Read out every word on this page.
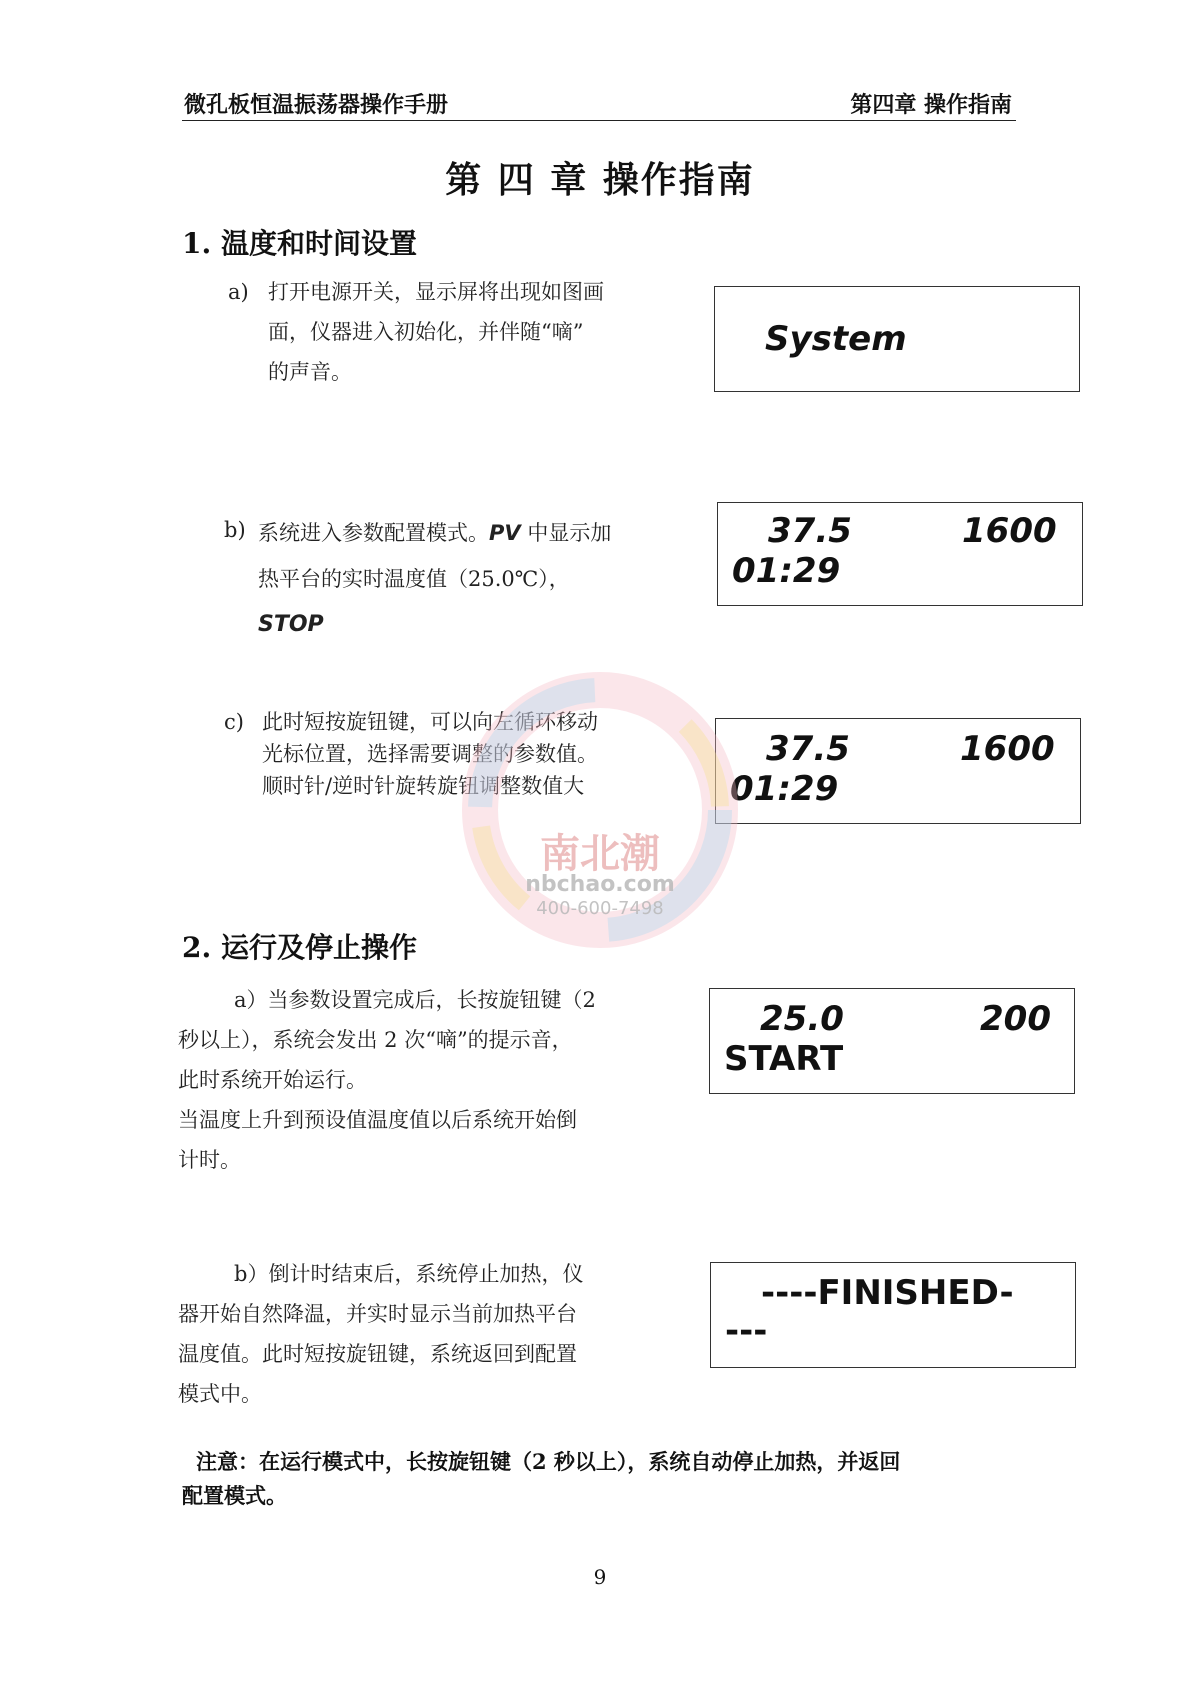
微孔板恒温振荡器操作手册	第四章 操作指南
第 四 章 操作指南
1. 温度和时间设置
a) 打开电源开关，显示屏将出现如图画
面，仪器进入初始化，并伴随“嘀”
的声音。
System
b) 系统进入参数配置模式。PV 中显示加
热平台的实时温度值（25.0℃），
STOP
37.5	1600
01:29
c) 此时短按旋钮键，可以向左循环移动
光标位置，选择需要调整的参数值。
顺时针/逆时针旋转旋钮调整数值大
37.5	1600
01:29
南北潮
nbchao.com
400-600-7498
2. 运行及停止操作
a）当参数设置完成后，长按旋钮键（2
秒以上），系统会发出 2 次“嘀”的提示音，
此时系统开始运行。
当温度上升到预设值温度值以后系统开始倒
计时。
25.0	200
START
b）倒计时结束后，系统停止加热，仪
器开始自然降温，并实时显示当前加热平台
温度值。此时短按旋钮键，系统返回到配置
模式中。
----FINISHED-
---
注意：在运行模式中，长按旋钮键（2 秒以上），系统自动停止加热，并返回
配置模式。
9
